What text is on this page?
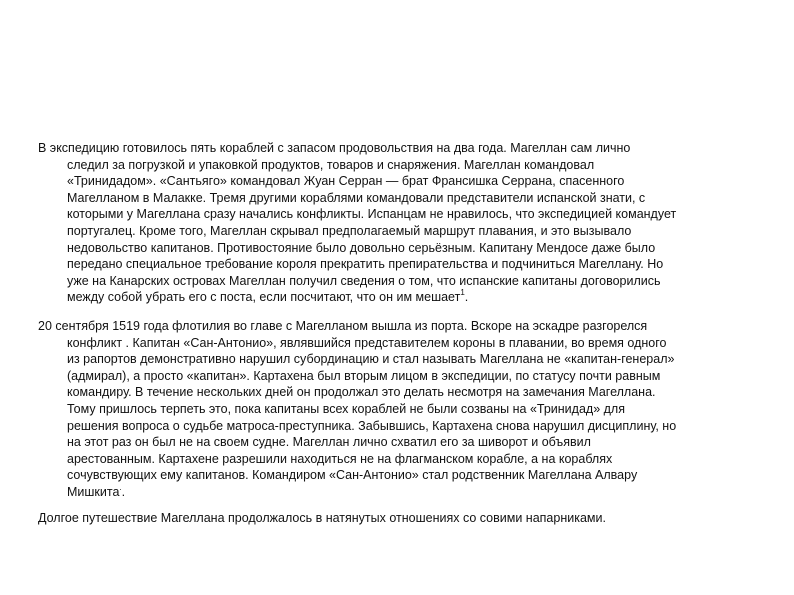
В экспедицию готовилось пять кораблей с запасом продовольствия на два года. Магеллан сам лично
следил за погрузкой и упаковкой продуктов, товаров и снаряжения. Магеллан командовал
«Тринидадом». «Сантьяго» командовал Жуан Серран — брат Франсишка Серрана, спасенного
Магелланом в Малакке. Тремя другими кораблями командовали представители испанской знати, с
которыми у Магеллана сразу начались конфликты. Испанцам не нравилось, что экспедицией командует
португалец. Кроме того, Магеллан скрывал предполагаемый маршрут плавания, и это вызывало
недовольство капитанов. Противостояние было довольно серьёзным. Капитану Мендосе даже было
передано специальное требование короля прекратить препирательства и подчиниться Магеллану. Но
уже на Канарских островах Магеллан получил сведения о том, что испанские капитаны договорились
между собой убрать его с поста, если посчитают, что он им мешает$^1$.

20 сентября 1519 года флотилия во главе с Магелланом вышла из порта. Вскоре на эскадре разгорелся
конфликт . Капитан «Сан-Антонио», являвшийся представителем короны в плавании, во время одного
из рапортов демонстративно нарушил субординацию и стал называть Магеллана не «капитан-генерал»
(адмирал), а просто «капитан». Картахена был вторым лицом в экспедиции, по статусу почти равным
командиру. В течение нескольких дней он продолжал это делать несмотря на замечания Магеллана.
Тому пришлось терпеть это, пока капитаны всех кораблей не были созваны на «Тринидад» для
решения вопроса о судьбе матроса-преступника. Забывшись, Картахена снова нарушил дисциплину, но
на этот раз он был не на своем судне. Магеллан лично схватил его за шиворот и объявил
арестованным. Картахене разрешили находиться не на флагманском корабле, а на кораблях
сочувствующих ему капитанов. Командиром «Сан-Антонио» стал родственник Магеллана Алвару
Мишкита..

Долгое путешествие Магеллана продолжалось в натянутых отношениях со совими напарниками.
